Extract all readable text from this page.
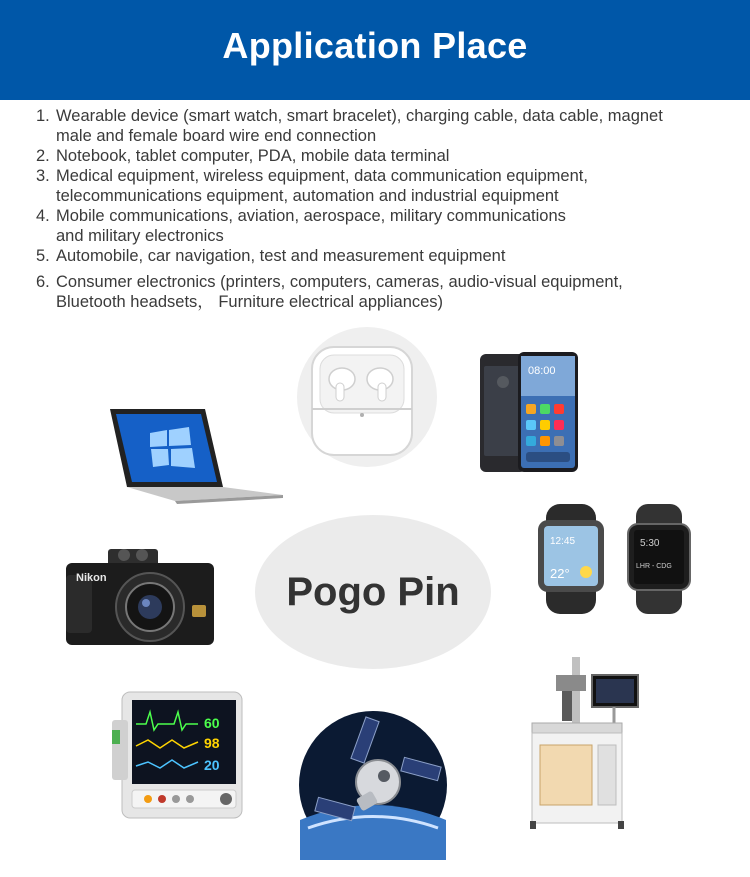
Application Place
1. Wearable device (smart watch, smart bracelet), charging cable, data cable, magnet
male and female board wire end connection
2. Notebook, tablet computer, PDA, mobile data terminal
3. Medical equipment, wireless equipment, data communication equipment,
telecommunications equipment, automation and industrial equipment
4. Mobile communications, aviation, aerospace, military communications
and military electronics
5. Automobile, car navigation, test and measurement equipment
6. Consumer electronics (printers, computers, cameras, audio-visual equipment,
Bluetooth headsets， Furniture electrical appliances)
08:00
12:45
22°
5:30
LHR - CDG
Nikon	Pogo Pin
60
98
20
